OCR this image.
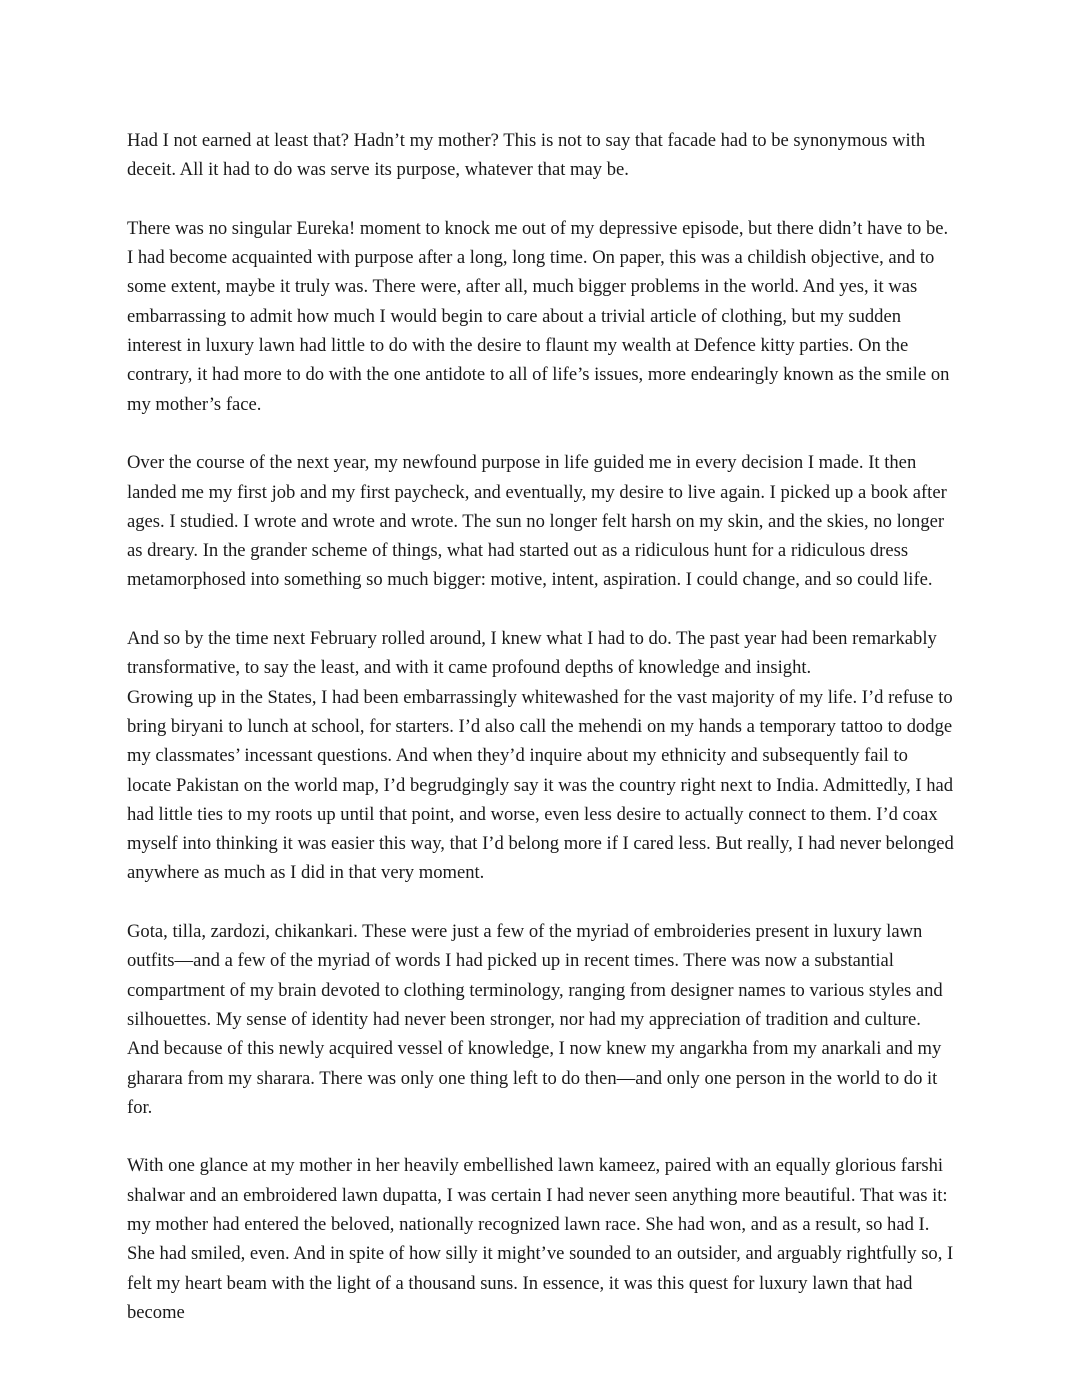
Had I not earned at least that? Hadn’t my mother? This is not to say that facade had to be synonymous with deceit. All it had to do was serve its purpose, whatever that may be.

There was no singular Eureka! moment to knock me out of my depressive episode, but there didn’t have to be. I had become acquainted with purpose after a long, long time. On paper, this was a childish objective, and to some extent, maybe it truly was. There were, after all, much bigger problems in the world. And yes, it was embarrassing to admit how much I would begin to care about a trivial article of clothing, but my sudden interest in luxury lawn had little to do with the desire to flaunt my wealth at Defence kitty parties. On the contrary, it had more to do with the one antidote to all of life’s issues, more endearingly known as the smile on my mother’s face.

Over the course of the next year, my newfound purpose in life guided me in every decision I made. It then landed me my first job and my first paycheck, and eventually, my desire to live again. I picked up a book after ages. I studied. I wrote and wrote and wrote. The sun no longer felt harsh on my skin, and the skies, no longer as dreary. In the grander scheme of things, what had started out as a ridiculous hunt for a ridiculous dress metamorphosed into something so much bigger: motive, intent, aspiration. I could change, and so could life.

And so by the time next February rolled around, I knew what I had to do. The past year had been remarkably transformative, to say the least, and with it came profound depths of knowledge and insight.

Growing up in the States, I had been embarrassingly whitewashed for the vast majority of my life. I’d refuse to bring biryani to lunch at school, for starters. I’d also call the mehendi on my hands a temporary tattoo to dodge my classmates’ incessant questions. And when they’d inquire about my ethnicity and subsequently fail to locate Pakistan on the world map, I’d begrudgingly say it was the country right next to India. Admittedly, I had had little ties to my roots up until that point, and worse, even less desire to actually connect to them. I’d coax myself into thinking it was easier this way, that I’d belong more if I cared less. But really, I had never belonged anywhere as much as I did in that very moment.

Gota, tilla, zardozi, chikankari. These were just a few of the myriad of embroideries present in luxury lawn outfits—and a few of the myriad of words I had picked up in recent times. There was now a substantial compartment of my brain devoted to clothing terminology, ranging from designer names to various styles and silhouettes. My sense of identity had never been stronger, nor had my appreciation of tradition and culture. And because of this newly acquired vessel of knowledge, I now knew my angarkha from my anarkali and my gharara from my sharara. There was only one thing left to do then—and only one person in the world to do it for.

With one glance at my mother in her heavily embellished lawn kameez, paired with an equally glorious farshi shalwar and an embroidered lawn dupatta, I was certain I had never seen anything more beautiful. That was it: my mother had entered the beloved, nationally recognized lawn race. She had won, and as a result, so had I. She had smiled, even. And in spite of how silly it might’ve sounded to an outsider, and arguably rightfully so, I felt my heart beam with the light of a thousand suns. In essence, it was this quest for luxury lawn that had become
